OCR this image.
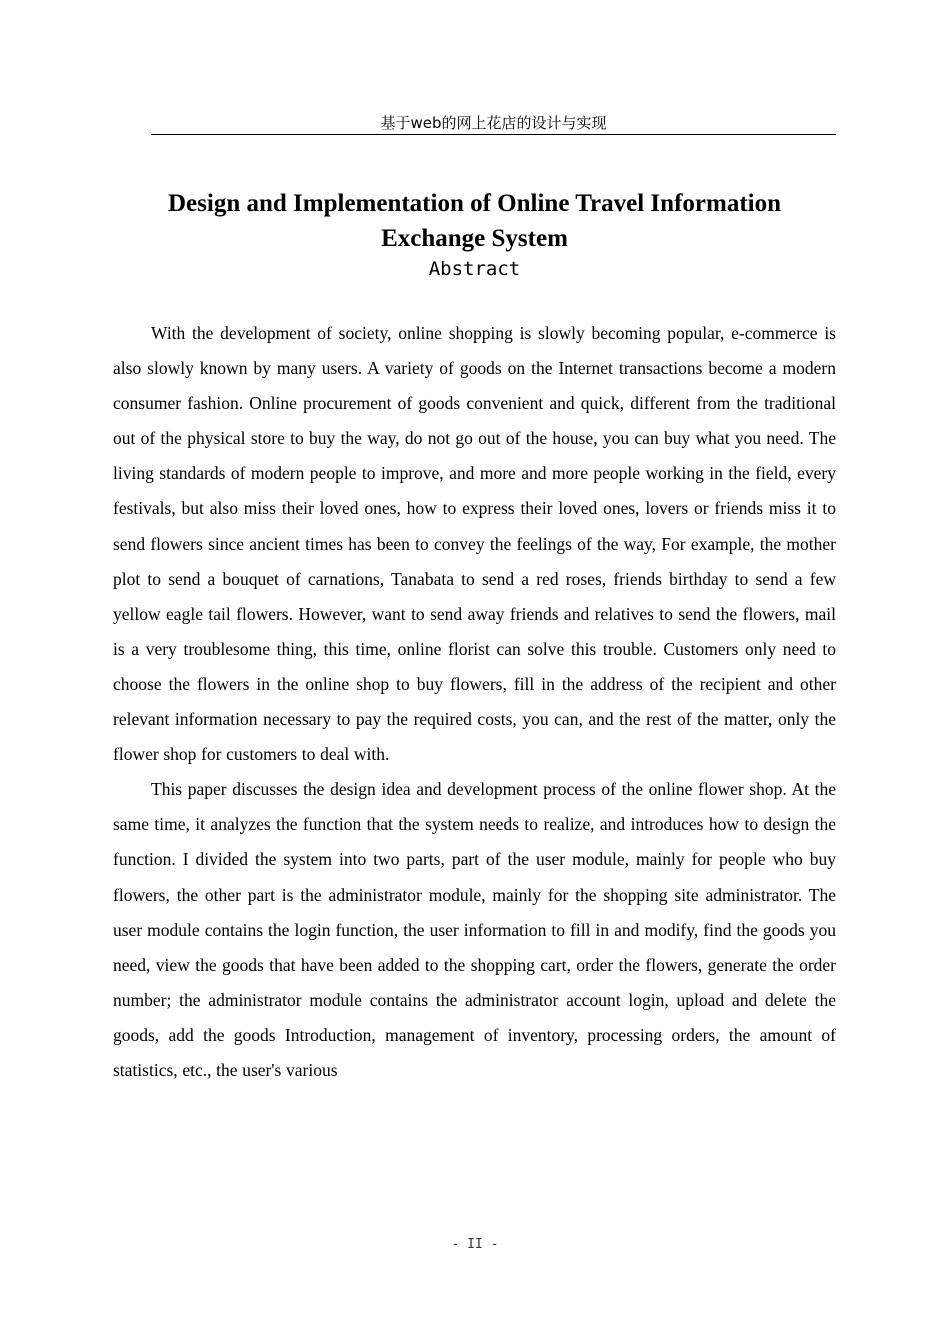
基于web的网上花店的设计与实现
Design and Implementation of Online Travel Information Exchange System
Abstract

With the development of society, online shopping is slowly becoming popular, e-commerce is also slowly known by many users. A variety of goods on the Internet transactions become a modern consumer fashion. Online procurement of goods convenient and quick, different from the traditional out of the physical store to buy the way, do not go out of the house, you can buy what you need. The living standards of modern people to improve, and more and more people working in the field, every festivals, but also miss their loved ones, how to express their loved ones, lovers or friends miss it to send flowers since ancient times has been to convey the feelings of the way, For example, the mother plot to send a bouquet of carnations, Tanabata to send a red roses, friends birthday to send a few yellow eagle tail flowers. However, want to send away friends and relatives to send the flowers, mail is a very troublesome thing, this time, online florist can solve this trouble. Customers only need to choose the flowers in the online shop to buy flowers, fill in the address of the recipient and other relevant information necessary to pay the required costs, you can, and the rest of the matter, only the flower shop for customers to deal with.

This paper discusses the design idea and development process of the online flower shop. At the same time, it analyzes the function that the system needs to realize, and introduces how to design the function. I divided the system into two parts, part of the user module, mainly for people who buy flowers, the other part is the administrator module, mainly for the shopping site administrator. The user module contains the login function, the user information to fill in and modify, find the goods you need, view the goods that have been added to the shopping cart, order the flowers, generate the order number; the administrator module contains the administrator account login, upload and delete the goods, add the goods Introduction, management of inventory, processing orders, the amount of statistics, etc., the user's various

- II -
